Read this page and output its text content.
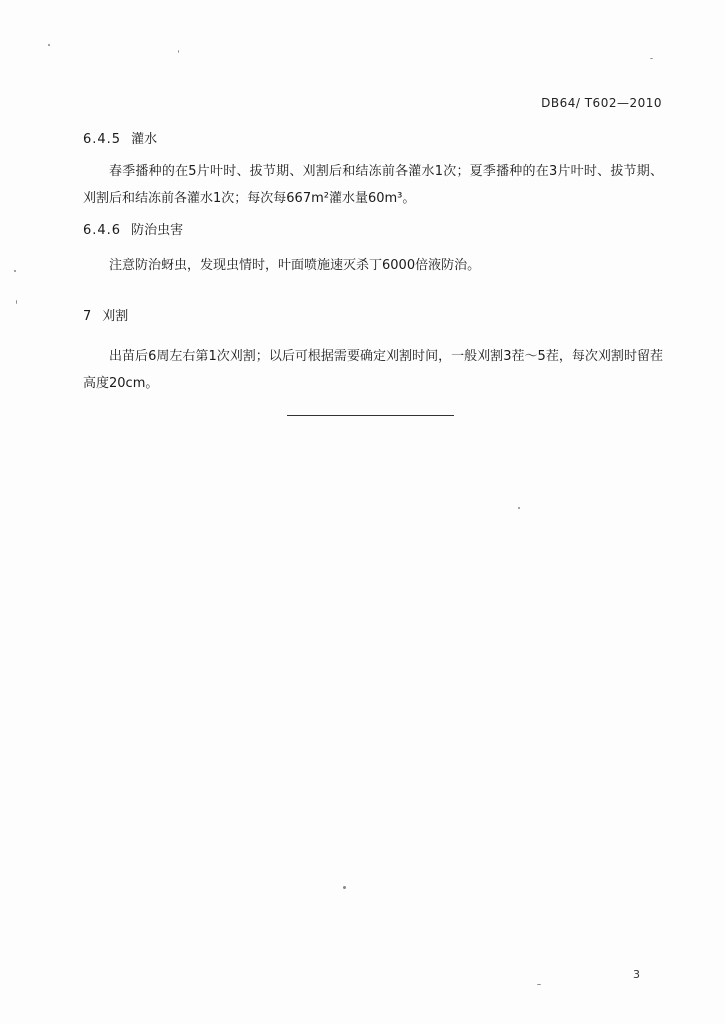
DB64/ T602—2010
6.4.5 灌水
春季播种的在5片叶时、拔节期、刈割后和结冻前各灌水1次；夏季播种的在3片叶时、拔节期、刈割后和结冻前各灌水1次；每次每667m²灌水量60m³。
6.4.6 防治虫害
注意防治蚜虫，发现虫情时，叶面喷施速灭杀丁6000倍液防治。
7 刈割
出苗后6周左右第1次刈割；以后可根据需要确定刈割时间，一般刈割3茬～5茬，每次刈割时留茬高度20cm。
3
